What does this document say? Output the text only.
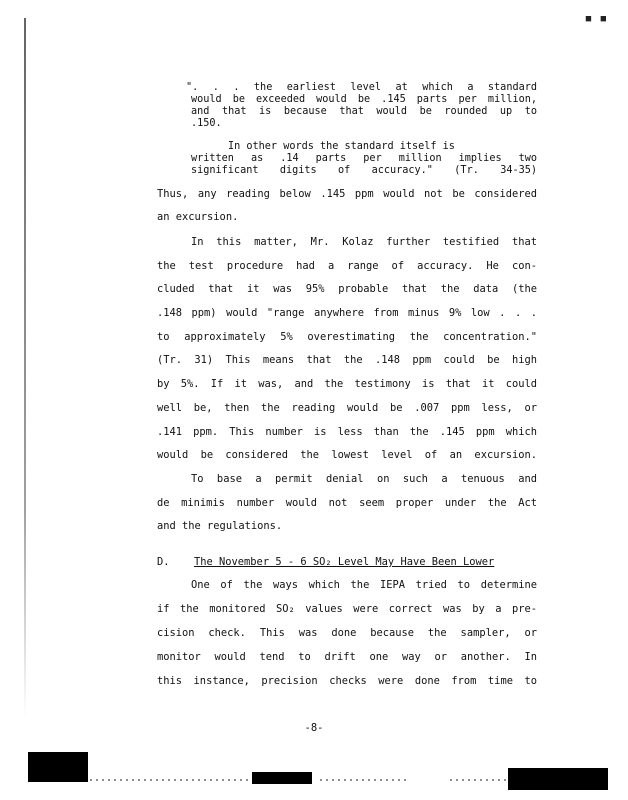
■ ■
". . . the earliest level at which a standard
would be exceeded would be .145 parts per million,
and that is because that would be rounded up to
.150.
In other words the standard itself is
written as .14 parts per million implies two
significant digits of accuracy." (Tr. 34-35)
Thus, any reading below .145 ppm would not be considered
an excursion.
In this matter, Mr. Kolaz further testified that
the test procedure had a range of accuracy. He con-
cluded that it was 95% probable that the data (the
.148 ppm) would "range anywhere from minus 9% low . . .
to approximately 5% overestimating the concentration."
(Tr. 31) This means that the .148 ppm could be high
by 5%. If it was, and the testimony is that it could
well be, then the reading would be .007 ppm less, or
.141 ppm. This number is less than the .145 ppm which
would be considered the lowest level of an excursion.
To base a permit denial on such a tenuous and
de minimis number would not seem proper under the Act
and the regulations.
D. The November 5 - 6 SO₂ Level May Have Been Lower
One of the ways which the IEPA tried to determine
if the monitored SO₂ values were correct was by a pre-
cision check. This was done because the sampler, or
monitor would tend to drift one way or another. In
this instance, precision checks were done from time to
-8-
